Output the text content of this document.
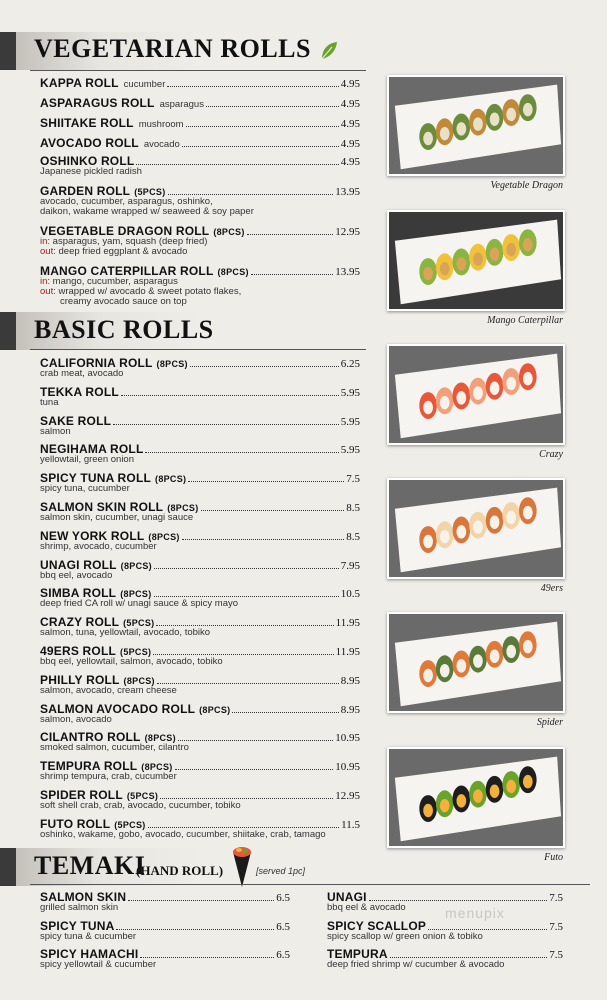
VEGETARIAN ROLLS
KAPPA ROLL cucumber	4.95
ASPARAGUS ROLL asparagus	4.95
SHIITAKE ROLL mushroom	4.95
AVOCADO ROLL avocado	4.95
OSHINKO ROLL	4.95
Japanese pickled radish
GARDEN ROLL (5PCS)	13.95
avocado, cucumber, asparagus, oshinko,
daikon, wakame wrapped w/ seaweed & soy paper
VEGETABLE DRAGON ROLL (8PCS)	12.95
in: asparagus, yam, squash (deep fried)
out: deep fried eggplant & avocado
MANGO CATERPILLAR ROLL (8PCS)	13.95
in: mango, cucumber, asparagus
out: wrapped w/ avocado & sweet potato flakes,
creamy avocado sauce on top
BASIC ROLLS
CALIFORNIA ROLL (8PCS)	6.25
crab meat, avocado
TEKKA ROLL	5.95
tuna
SAKE ROLL	5.95
salmon
NEGIHAMA ROLL	5.95
yellowtail, green onion
SPICY TUNA ROLL (8PCS)	7.5
spicy tuna, cucumber
SALMON SKIN ROLL (8PCS)	8.5
salmon skin, cucumber, unagi sauce
NEW YORK ROLL (8PCS)	8.5
shrimp, avocado, cucumber
UNAGI ROLL (8PCS)	7.95
bbq eel, avocado
SIMBA ROLL (8PCS)	10.5
deep fried CA roll w/ unagi sauce & spicy mayo
CRAZY ROLL (5PCS)	11.95
salmon, tuna, yellowtail, avocado, tobiko
49ERS ROLL (5PCS)	11.95
bbq eel, yellowtail, salmon, avocado, tobiko
PHILLY ROLL (8PCS)	8.95
salmon, avocado, cream cheese
SALMON AVOCADO ROLL (8PCS)	8.95
salmon, avocado
CILANTRO ROLL (8PCS)	10.95
smoked salmon, cucumber, cilantro
TEMPURA ROLL (8PCS)	10.95
shrimp tempura, crab, cucumber
SPIDER ROLL (5PCS)	12.95
soft shell crab, crab, avocado, cucumber, tobiko
FUTO ROLL (5PCS)	11.5
oshinko, wakame, gobo, avocado, cucumber, shiitake, crab, tamago
TEMAKI
(HAND ROLL)	[served 1pc]
SALMON SKIN	6.5
grilled salmon skin
SPICY TUNA	6.5
spicy tuna & cucumber
SPICY HAMACHI	6.5
spicy yellowtail & cucumber
UNAGI	7.5
bbq eel & avocado
SPICY SCALLOP	7.5
spicy scallop w/ green onion & tobiko
TEMPURA	7.5
deep fried shrimp w/ cucumber & avocado
menupix
Vegetable Dragon
Mango Caterpillar
Crazy
49ers
Spider
Futo
